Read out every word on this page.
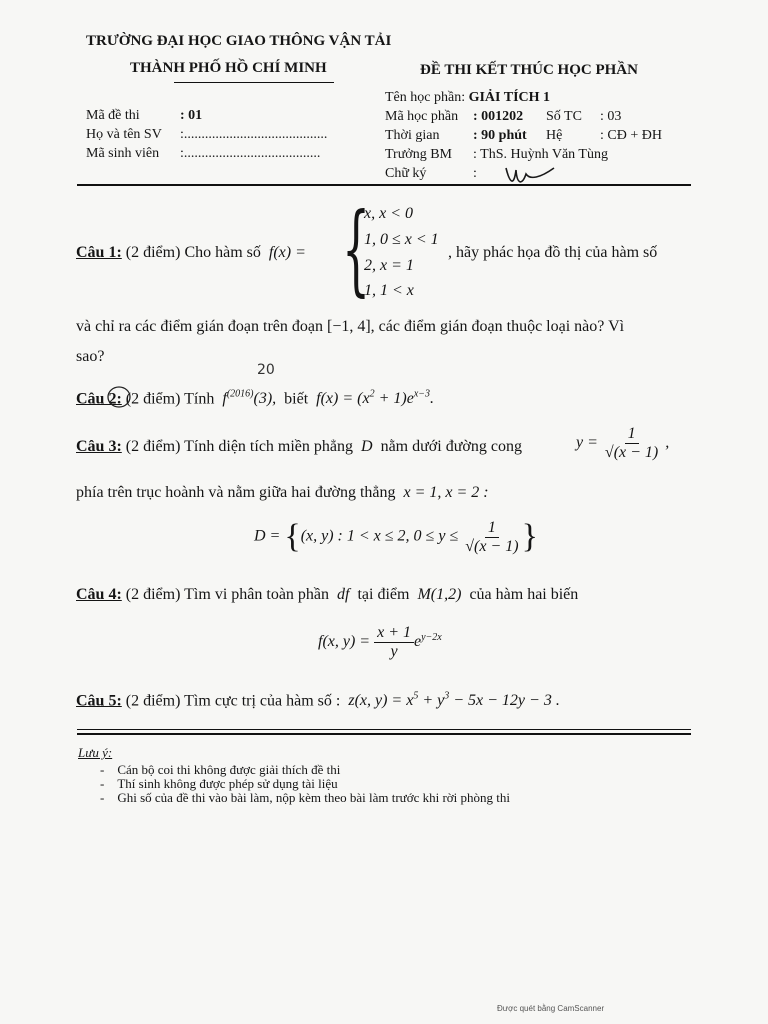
TRƯỜNG ĐẠI HỌC GIAO THÔNG VẬN TẢI
THÀNH PHỐ HỒ CHÍ MINH	ĐỀ THI KẾT THÚC HỌC PHẦN
Mã đề thi	: 01
Họ và tên SV :.........................................
Mã sinh viên :.......................................
Tên học phần: GIẢI TÍCH 1
Mã học phần : 001202 Số TC : 03
Thời gian : 90 phút Hệ	: CĐ + ĐH
Trưởng BM : ThS. Huỳnh Văn Tùng
Chữ ký	:
Câu 1: (2 điểm) Cho hàm số  f(x) = {
x, x < 0
1, 0 ≤ x < 1
2, x = 1
1, 1 < x
, hãy phác họa đồ thị của hàm số
và chỉ ra các điểm gián đoạn trên đoạn [−1, 4], các điểm gián đoạn thuộc loại nào? Vì
sao?
20
Câu 2: (2 điểm) Tính  $f^{(2016)}(3)$,  biết  $f(x) = (x^2 + 1)e^{x-3}$.
Câu 3: (2 điểm) Tính diện tích miền phẳng  D  nằm dưới đường cong	$y = \frac{1}{√(x - 1)}$ ,
phía trên trục hoành và nằm giữa hai đường thẳng  x = 1, x = 2 :
D = {(x, y) : 1 < x ≤ 2, $0 \le y \le \frac{1}{√(x - 1)}$ }
Câu 4: (2 điểm) Tìm vi phân toàn phần  df  tại điểm  M(1,2)  của hàm hai biến
f(x, $y) = \frac{x + 1}{y} e^{y-2x}$
Câu 5: (2 điểm) Tìm cực trị của hàm số :  z(x, $y) = x^5 + y^3 - 5x - 12y - 3$ .
Lưu ý:
-    Cán bộ coi thi không được giải thích đề thi
-    Thí sinh không được phép sử dụng tài liệu
-    Ghi số của đề thi vào bài làm, nộp kèm theo bài làm trước khi rời phòng thi
Được quét bằng CamScanner
